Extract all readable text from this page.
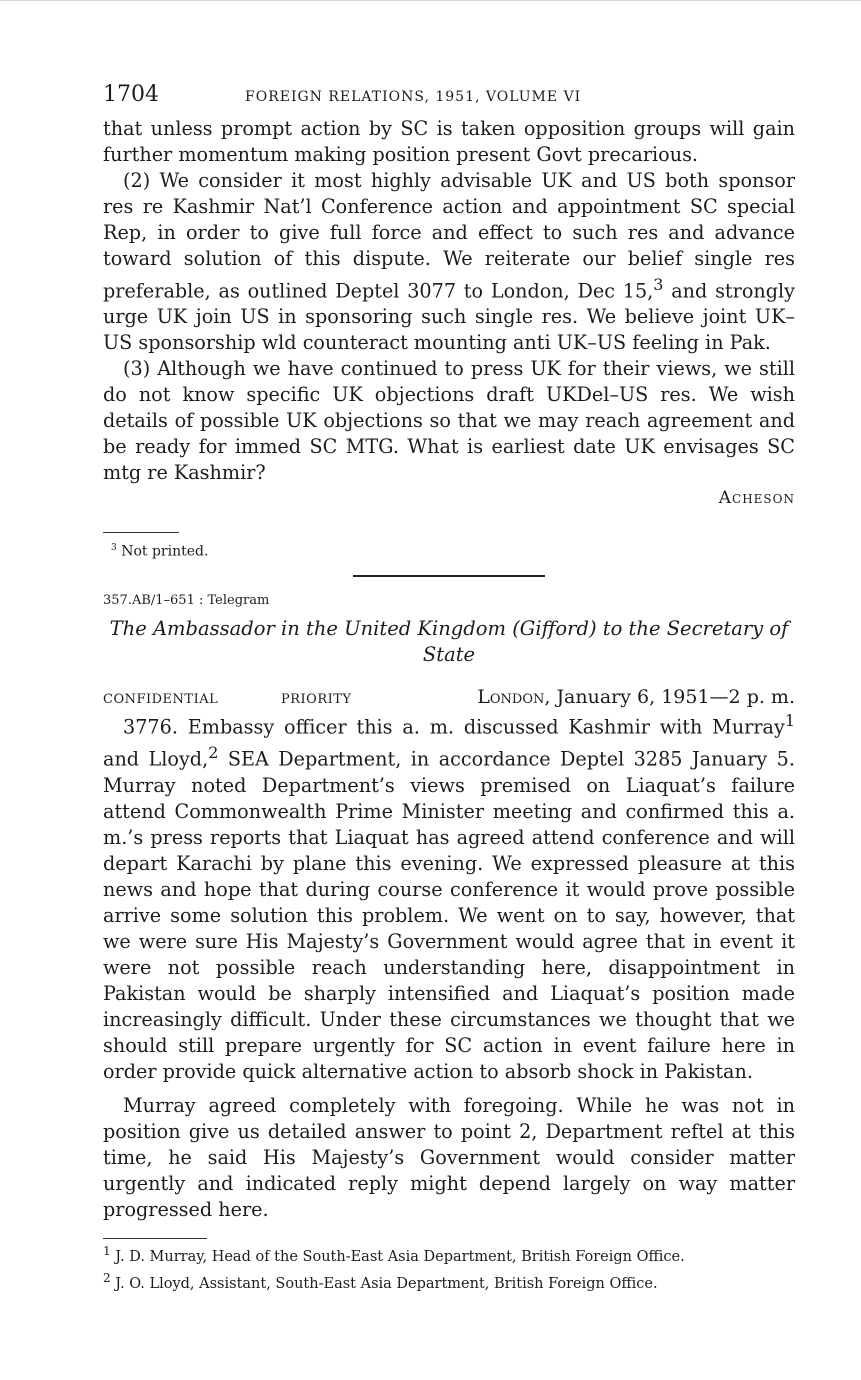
1704	FOREIGN RELATIONS, 1951, VOLUME VI

that unless prompt action by SC is taken opposition groups will gain further momentum making position present Govt precarious.

(2) We consider it most highly advisable UK and US both sponsor res re Kashmir Nat’l Conference action and appointment SC special Rep, in order to give full force and effect to such res and advance toward solution of this dispute. We reiterate our belief single res preferable, as outlined Deptel 3077 to London, Dec 15,$^3$ and strongly urge UK join US in sponsoring such single res. We believe joint UK–US sponsorship wld counteract mounting anti UK–US feeling in Pak.

(3) Although we have continued to press UK for their views, we still do not know specific UK objections draft UKDel–US res. We wish details of possible UK objections so that we may reach agreement and be ready for immed SC MTG. What is earliest date UK envisages SC mtg re Kashmir?

Acheson
$^3$ Not printed.
357.AB/1–651 : Telegram
The Ambassador in the United Kingdom (Gifford) to the Secretary of State
CONFIDENTIAL	PRIORITY	London, January 6, 1951—2 p. m.

3776. Embassy officer this a. m. discussed Kashmir with Murray$^1$ and Lloyd,$^2$ SEA Department, in accordance Deptel 3285 January 5. Murray noted Department’s views premised on Liaquat’s failure attend Commonwealth Prime Minister meeting and confirmed this a. m.’s press reports that Liaquat has agreed attend conference and will depart Karachi by plane this evening. We expressed pleasure at this news and hope that during course conference it would prove possible arrive some solution this problem. We went on to say, however, that we were sure His Majesty’s Government would agree that in event it were not possible reach understanding here, disappointment in Pakistan would be sharply intensified and Liaquat’s position made increasingly difficult. Under these circumstances we thought that we should still prepare urgently for SC action in event failure here in order provide quick alternative action to absorb shock in Pakistan.

Murray agreed completely with foregoing. While he was not in position give us detailed answer to point 2, Department reftel at this time, he said His Majesty’s Government would consider matter urgently and indicated reply might depend largely on way matter progressed here.

$^1$ J. D. Murray, Head of the South-East Asia Department, British Foreign Office.
$^2$ J. O. Lloyd, Assistant, South-East Asia Department, British Foreign Office.
